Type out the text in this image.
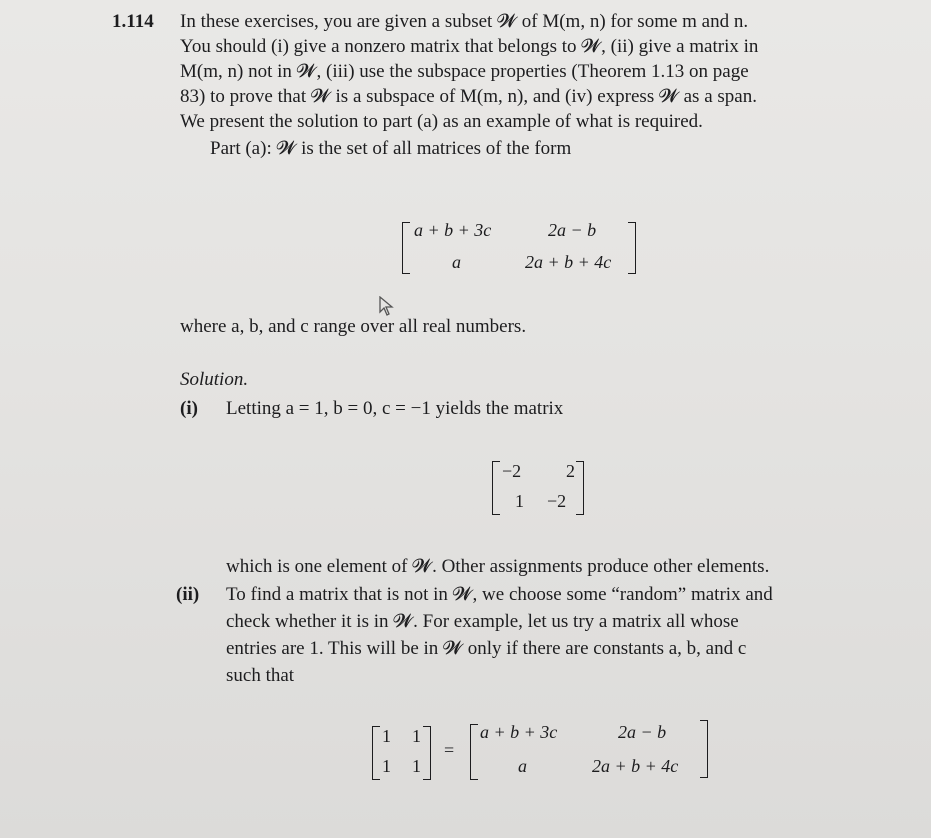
1.114 In these exercises, you are given a subset 𝓦 of M(m, n) for some m and n.
You should (i) give a nonzero matrix that belongs to 𝓦, (ii) give a matrix in
M(m, n) not in 𝓦, (iii) use the subspace properties (Theorem 1.13 on page
83) to prove that 𝓦 is a subspace of M(m, n), and (iv) express 𝓦 as a span.
We present the solution to part (a) as an example of what is required.
Part (a): 𝓦 is the set of all matrices of the form
a + b + 3c	2a − b
a	2a + b + 4c
where a, b, and c range over all real numbers.
Solution.
(i) Letting a = 1, b = 0, c = −1 yields the matrix
−2 2
1 −2
which is one element of 𝓦. Other assignments produce other elements.
(ii) To find a matrix that is not in 𝓦, we choose some “random” matrix and
check whether it is in 𝓦. For example, let us try a matrix all whose
entries are 1. This will be in 𝓦 only if there are constants a, b, and c
such that
1 1
1 1
=
a + b + 3c	2a − b
a	2a + b + 4c
